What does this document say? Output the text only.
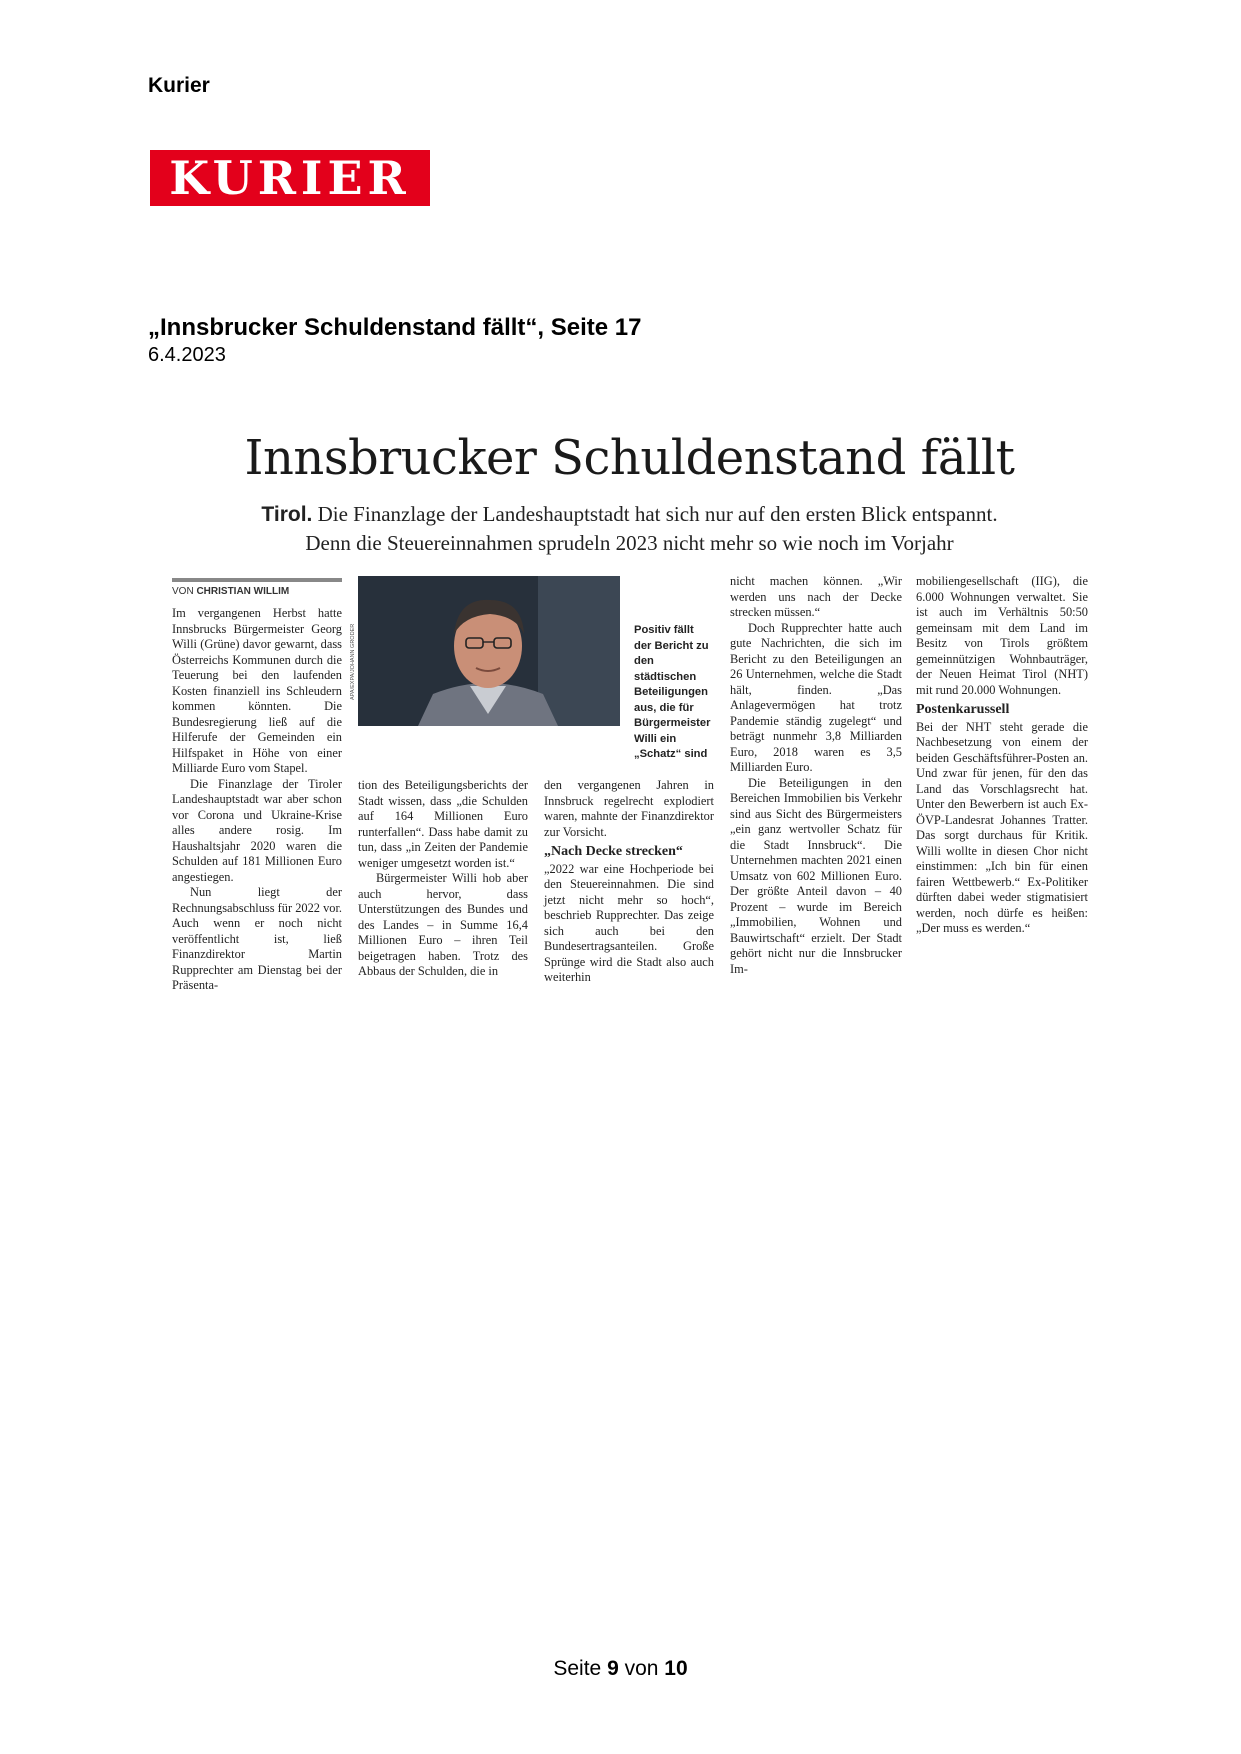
Kurier
KURIER
„Innsbrucker Schuldenstand fällt“, Seite 17
6.4.2023
Innsbrucker Schuldenstand fällt
Tirol. Die Finanzlage der Landeshauptstadt hat sich nur auf den ersten Blick entspannt.
Denn die Steuereinnahmen sprudeln 2023 nicht mehr so wie noch im Vorjahr
VON CHRISTIAN WILLIM

Im vergangenen Herbst hatte Innsbrucks Bürgermeister Georg Willi (Grüne) davor gewarnt, dass Österreichs Kommunen durch die Teuerung bei den laufenden Kosten finanziell ins Schleudern kommen könnten. Die Bundesregierung ließ auf die Hilferufe der Gemeinden ein Hilfspaket in Höhe von einer Milliarde Euro vom Stapel.

Die Finanzlage der Tiroler Landeshauptstadt war aber schon vor Corona und Ukraine-Krise alles andere rosig. Im Haushaltsjahr 2020 waren die Schulden auf 181 Millionen Euro angestiegen.

Nun liegt der Rechnungsabschluss für 2022 vor. Auch wenn er noch nicht veröffentlicht ist, ließ Finanzdirektor Martin Rupprechter am Dienstag bei der Präsenta-

APA/EXPA/JOHANN GRODER	Positiv fällt der Bericht zu den städtischen Beteiligungen aus, die für Bürgermeister Willi ein „Schatz“ sind

tion des Beteiligungsberichts der Stadt wissen, dass „die Schulden auf 164 Millionen Euro runterfallen“. Dass habe damit zu tun, dass „in Zeiten der Pandemie weniger umgesetzt worden ist.“

Bürgermeister Willi hob aber auch hervor, dass Unterstützungen des Bundes und des Landes – in Summe 16,4 Millionen Euro – ihren Teil beigetragen haben. Trotz des Abbaus der Schulden, die in

den vergangenen Jahren in Innsbruck regelrecht explodiert waren, mahnte der Finanzdirektor zur Vorsicht.

„Nach Decke strecken“

„2022 war eine Hochperiode bei den Steuereinnahmen. Die sind jetzt nicht mehr so hoch“, beschrieb Rupprechter. Das zeige sich auch bei den Bundesertragsanteilen. Große Sprünge wird die Stadt also auch weiterhin

nicht machen können. „Wir werden uns nach der Decke strecken müssen.“

Doch Rupprechter hatte auch gute Nachrichten, die sich im Bericht zu den Beteiligungen an 26 Unternehmen, welche die Stadt hält, finden. „Das Anlagevermögen hat trotz Pandemie ständig zugelegt“ und beträgt nunmehr 3,8 Milliarden Euro, 2018 waren es 3,5 Milliarden Euro.

Die Beteiligungen in den Bereichen Immobilien bis Verkehr sind aus Sicht des Bürgermeisters „ein ganz wertvoller Schatz für die Stadt Innsbruck“. Die Unternehmen machten 2021 einen Umsatz von 602 Millionen Euro. Der größte Anteil davon – 40 Prozent – wurde im Bereich „Immobilien, Wohnen und Bauwirtschaft“ erzielt. Der Stadt gehört nicht nur die Innsbrucker Im-

mobiliengesellschaft (IIG), die 6.000 Wohnungen verwaltet. Sie ist auch im Verhältnis 50:50 gemeinsam mit dem Land im Besitz von Tirols größtem gemeinnützigen Wohnbauträger, der Neuen Heimat Tirol (NHT) mit rund 20.000 Wohnungen.

Postenkarussell

Bei der NHT steht gerade die Nachbesetzung von einem der beiden Geschäftsführer-Posten an. Und zwar für jenen, für den das Land das Vorschlagsrecht hat. Unter den Bewerbern ist auch Ex-ÖVP-Landesrat Johannes Tratter. Das sorgt durchaus für Kritik. Willi wollte in diesen Chor nicht einstimmen: „Ich bin für einen fairen Wettbewerb.“ Ex-Politiker dürften dabei weder stigmatisiert werden, noch dürfe es heißen: „Der muss es werden.“

Seite 9 von 10
